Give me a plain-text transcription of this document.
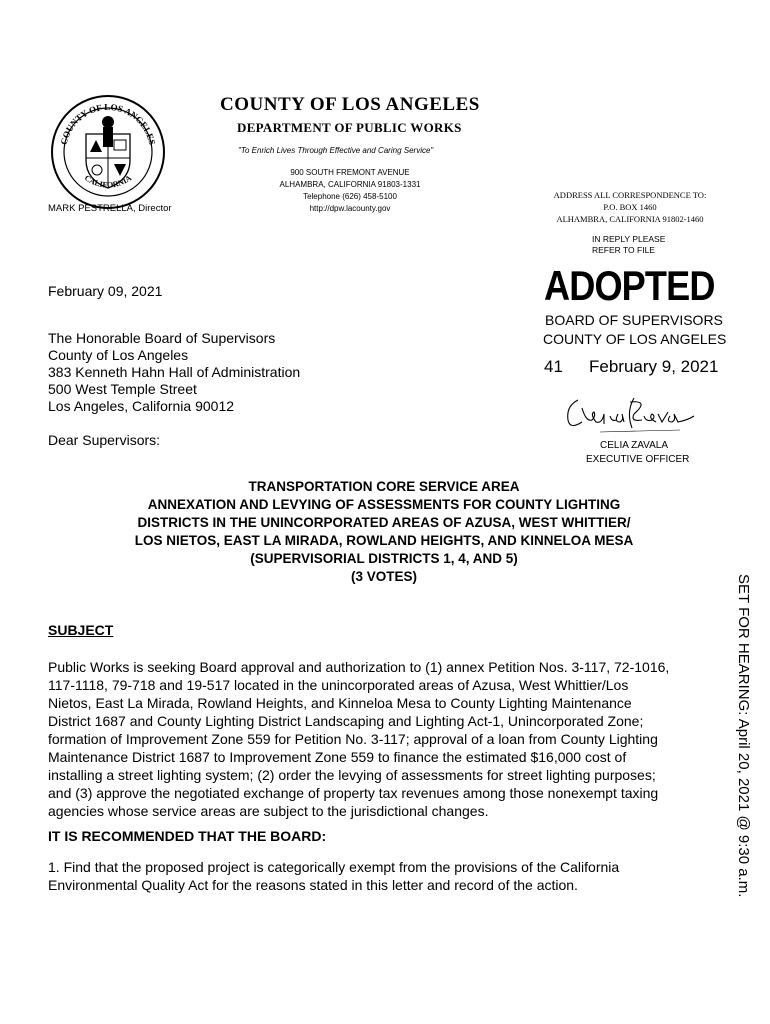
COUNTY OF LOS ANGELES
CALIFORNIA
COUNTY OF LOS ANGELES
DEPARTMENT OF PUBLIC WORKS
"To Enrich Lives Through Effective and Caring Service"
900 SOUTH FREMONT AVENUE
ALHAMBRA, CALIFORNIA 91803-1331
Telephone (626) 458-5100
http://dpw.lacounty.gov
MARK PESTRELLA, Director
ADDRESS ALL CORRESPONDENCE TO:
P.O. BOX 1460
ALHAMBRA, CALIFORNIA 91802-1460
IN REPLY PLEASE
REFER TO FILE
ADOPTED
BOARD OF SUPERVISORS
COUNTY OF LOS ANGELES
41 February 9, 2021
CELIA ZAVALA
EXECUTIVE OFFICER
February 09, 2021
The Honorable Board of Supervisors
County of Los Angeles
383 Kenneth Hahn Hall of Administration
500 West Temple Street
Los Angeles, California 90012
Dear Supervisors:
TRANSPORTATION CORE SERVICE AREA
ANNEXATION AND LEVYING OF ASSESSMENTS FOR COUNTY LIGHTING
DISTRICTS IN THE UNINCORPORATED AREAS OF AZUSA, WEST WHITTIER/
LOS NIETOS, EAST LA MIRADA, ROWLAND HEIGHTS, AND KINNELOA MESA
(SUPERVISORIAL DISTRICTS 1, 4, AND 5)
(3 VOTES)
SUBJECT
Public Works is seeking Board approval and authorization to (1) annex Petition Nos. 3-117, 72-1016,
117-1118, 79-718 and 19-517 located in the unincorporated areas of Azusa, West Whittier/Los
Nietos, East La Mirada, Rowland Heights, and Kinneloa Mesa to County Lighting Maintenance
District 1687 and County Lighting District Landscaping and Lighting Act-1, Unincorporated Zone;
formation of Improvement Zone 559 for Petition No. 3-117; approval of a loan from County Lighting
Maintenance District 1687 to Improvement Zone 559 to finance the estimated $16,000 cost of
installing a street lighting system; (2) order the levying of assessments for street lighting purposes;
and (3) approve the negotiated exchange of property tax revenues among those nonexempt taxing
agencies whose service areas are subject to the jurisdictional changes.
IT IS RECOMMENDED THAT THE BOARD:
1. Find that the proposed project is categorically exempt from the provisions of the California
Environmental Quality Act for the reasons stated in this letter and record of the action.	SET FOR HEARING: April 20, 2021 @ 9:30 a.m.
